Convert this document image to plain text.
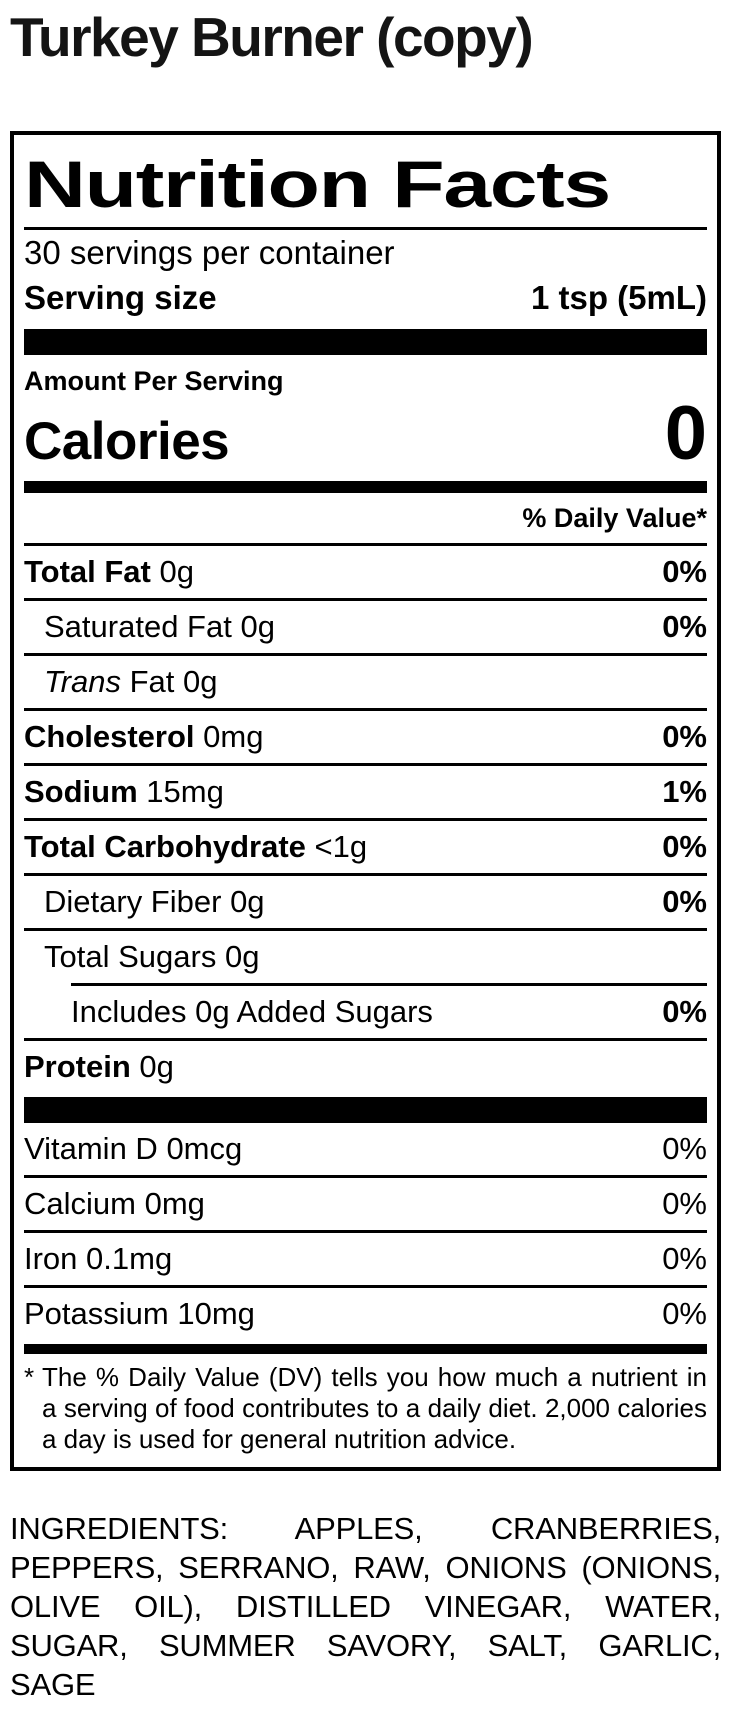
Turkey Burner (copy)
Nutrition Facts
30 servings per container
Serving size	1 tsp (5mL)
Amount Per Serving
Calories	0
% Daily Value*
Total Fat 0g	0%
Saturated Fat 0g	0%
Trans Fat 0g
Cholesterol 0mg	0%
Sodium 15mg	1%
Total Carbohydrate <1g	0%
Dietary Fiber 0g	0%
Total Sugars 0g
Includes 0g Added Sugars	0%
Protein 0g
Vitamin D 0mcg	0%
Calcium 0mg	0%
Iron 0.1mg	0%
Potassium 10mg	0%
* The % Daily Value (DV) tells you how much a nutrient in a serving of food contributes to a daily diet. 2,000 calories a day is used for general nutrition advice.

INGREDIENTS: APPLES, CRANBERRIES, PEPPERS, SERRANO, RAW, ONIONS (ONIONS, OLIVE OIL), DISTILLED VINEGAR, WATER, SUGAR, SUMMER SAVORY, SALT, GARLIC, SAGE
